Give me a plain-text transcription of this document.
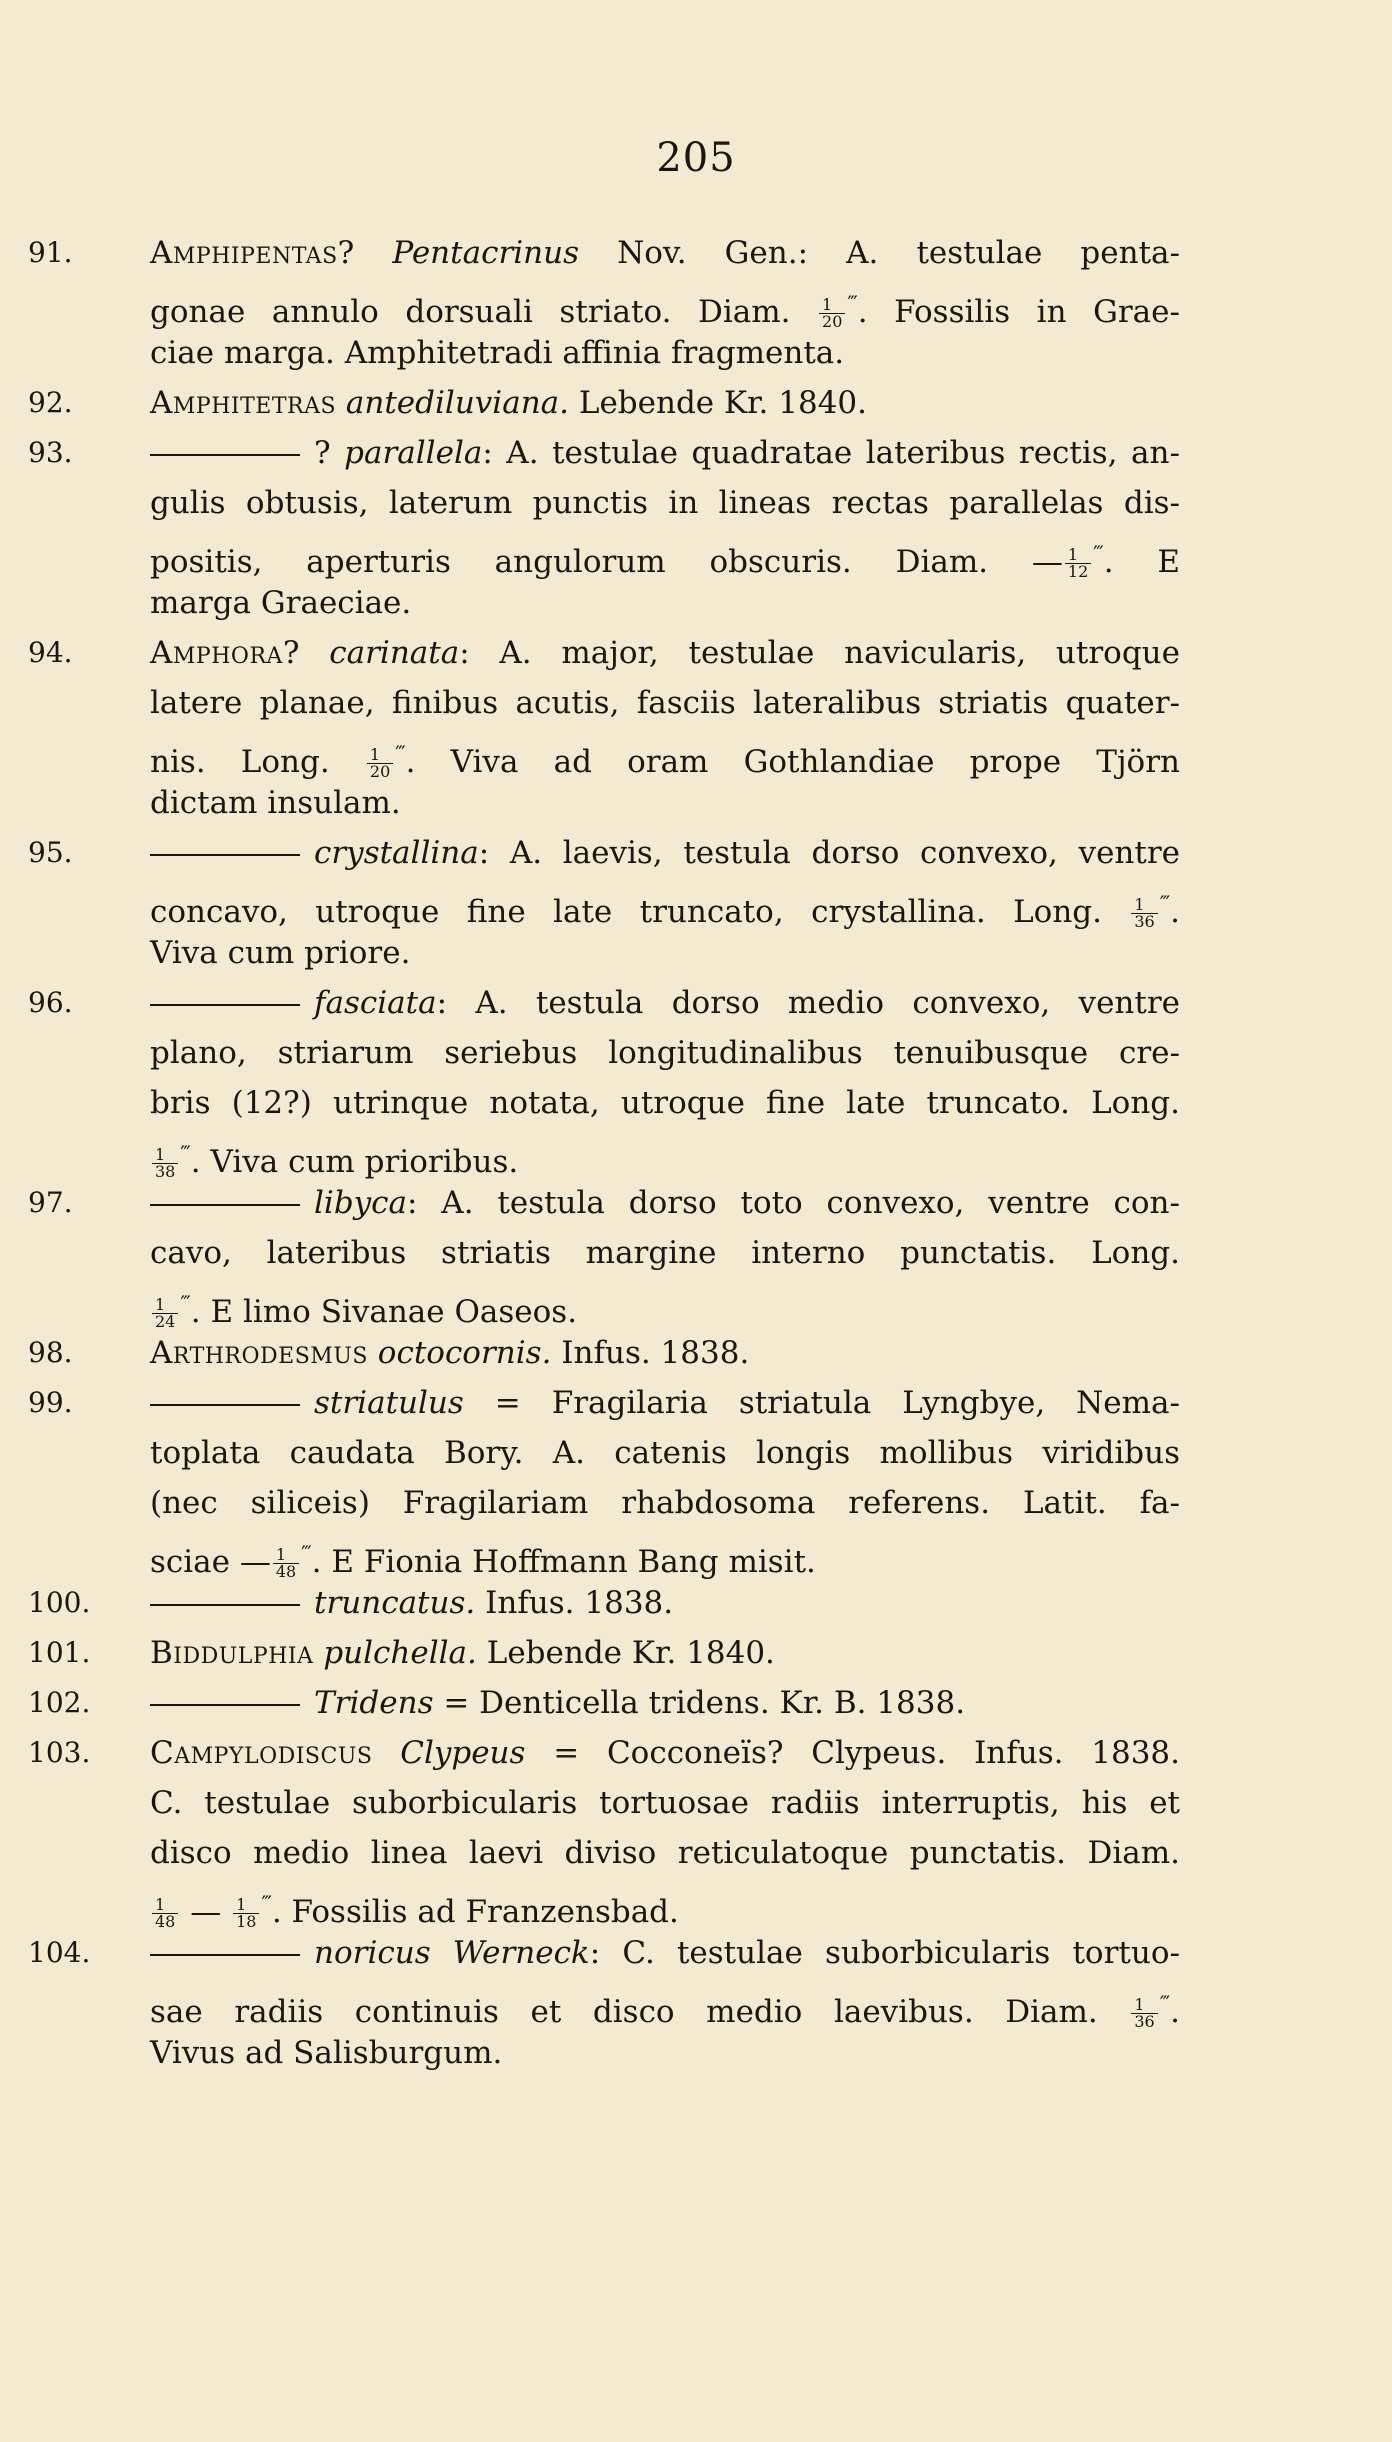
205
91.	Amphipentas? Pentacrinus Nov. Gen.: A. testulae penta-
gonae annulo dorsuali striato. Diam. $\frac{1}{20} ^‴$. Fossilis in Grae-
ciae marga. Amphitetradi affinia fragmenta.
92.	Amphitetras antediluviana. Lebende Kr. 1840.
93.	? parallela: A. testulae quadratae lateribus rectis, an-
gulis obtusis, laterum punctis in lineas rectas parallelas dis-
positis, aperturis angulorum obscuris. Diam. — $\frac{1}{12} ^‴$. E
marga Graeciae.
94.	Amphora? carinata: A. major, testulae navicularis, utroque
latere planae, finibus acutis, fasciis lateralibus striatis quater-
nis. Long. $\frac{1}{20} ^‴$. Viva ad oram Gothlandiae prope Tjörn
dictam insulam.
95.	crystallina: A. laevis, testula dorso convexo, ventre
concavo, utroque fine late truncato, crystallina. Long. $\frac{1}{36} ^‴$.
Viva cum priore.
96.	fasciata: A. testula dorso medio convexo, ventre
plano, striarum seriebus longitudinalibus tenuibusque cre-
bris (12?) utrinque notata, utroque fine late truncato. Long.
$\frac{1}{38} ^‴$. Viva cum prioribus.
97.	libyca: A. testula dorso toto convexo, ventre con-
cavo, lateribus striatis margine interno punctatis. Long.
$\frac{1}{24} ^‴$. E limo Sivanae Oaseos.
98.	Arthrodesmus octocornis. Infus. 1838.
99.	striatulus = Fragilaria striatula Lyngbye, Nema-
toplata caudata Bory. A. catenis longis mollibus viridibus
(nec siliceis) Fragilariam rhabdosoma referens. Latit. fa-
sciae — $\frac{1}{48} ^‴$. E Fionia Hoffmann Bang misit.
100.	truncatus. Infus. 1838.
101.	Biddulphia pulchella. Lebende Kr. 1840.
102.	Tridens = Denticella tridens. Kr. B. 1838.
103.	Campylodiscus Clypeus = Cocconeïs? Clypeus. Infus. 1838.
C. testulae suborbicularis tortuosae radiis interruptis, his et
disco medio linea laevi diviso reticulatoque punctatis. Diam.
$\frac{1}{48}$ — $\frac{1}{18} ^‴$. Fossilis ad Franzensbad.
104.	noricus Werneck: C. testulae suborbicularis tortuo-
sae radiis continuis et disco medio laevibus. Diam. $\frac{1}{36} ^‴$.
Vivus ad Salisburgum.
